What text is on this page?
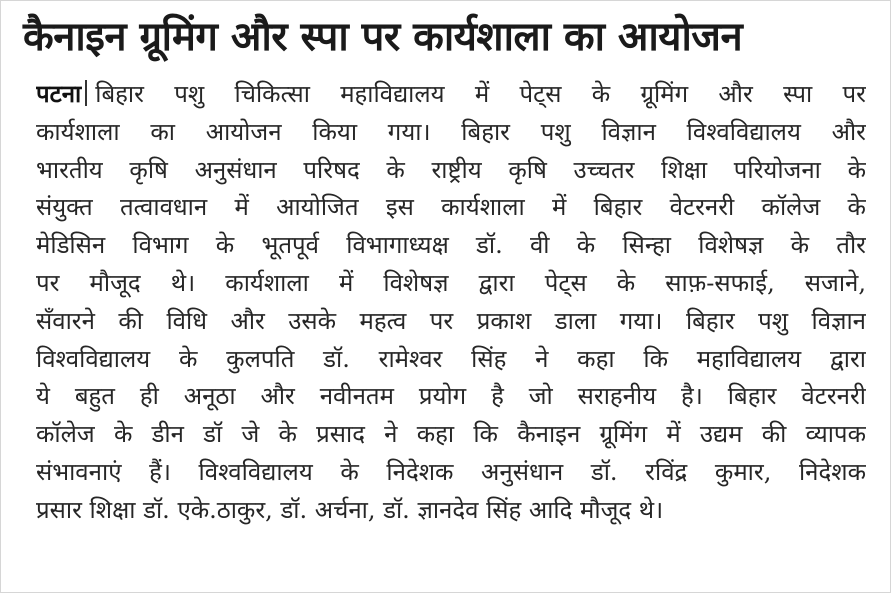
कैनाइन ग्रूमिंग और स्पा पर कार्यशाला का आयोजन
पटना बिहार पशु चिकित्सा महाविद्यालय में पेट्स के ग्रूमिंग और स्पा पर
कार्यशाला का आयोजन किया गया। बिहार पशु विज्ञान विश्वविद्यालय और
भारतीय कृषि अनुसंधान परिषद के राष्ट्रीय कृषि उच्चतर शिक्षा परियोजना के
संयुक्त तत्वावधान में आयोजित इस कार्यशाला में बिहार वेटरनरी कॉलेज के
मेडिसिन विभाग के भूतपूर्व विभागाध्यक्ष डॉ. वी के सिन्हा विशेषज्ञ के तौर
पर मौजूद थे। कार्यशाला में विशेषज्ञ द्वारा पेट्स के साफ़-सफाई, सजाने,
सँवारने की विधि और उसके महत्व पर प्रकाश डाला गया। बिहार पशु विज्ञान
विश्वविद्यालय के कुलपति डॉ. रामेश्वर सिंह ने कहा कि महाविद्यालय द्वारा
ये बहुत ही अनूठा और नवीनतम प्रयोग है जो सराहनीय है। बिहार वेटरनरी
कॉलेज के डीन डॉ जे के प्रसाद ने कहा कि कैनाइन ग्रूमिंग में उद्यम की व्यापक
संभावनाएं हैं। विश्वविद्यालय के निदेशक अनुसंधान डॉ. रविंद्र कुमार, निदेशक
प्रसार शिक्षा डॉ. एके.ठाकुर, डॉ. अर्चना, डॉ. ज्ञानदेव सिंह आदि मौजूद थे।
